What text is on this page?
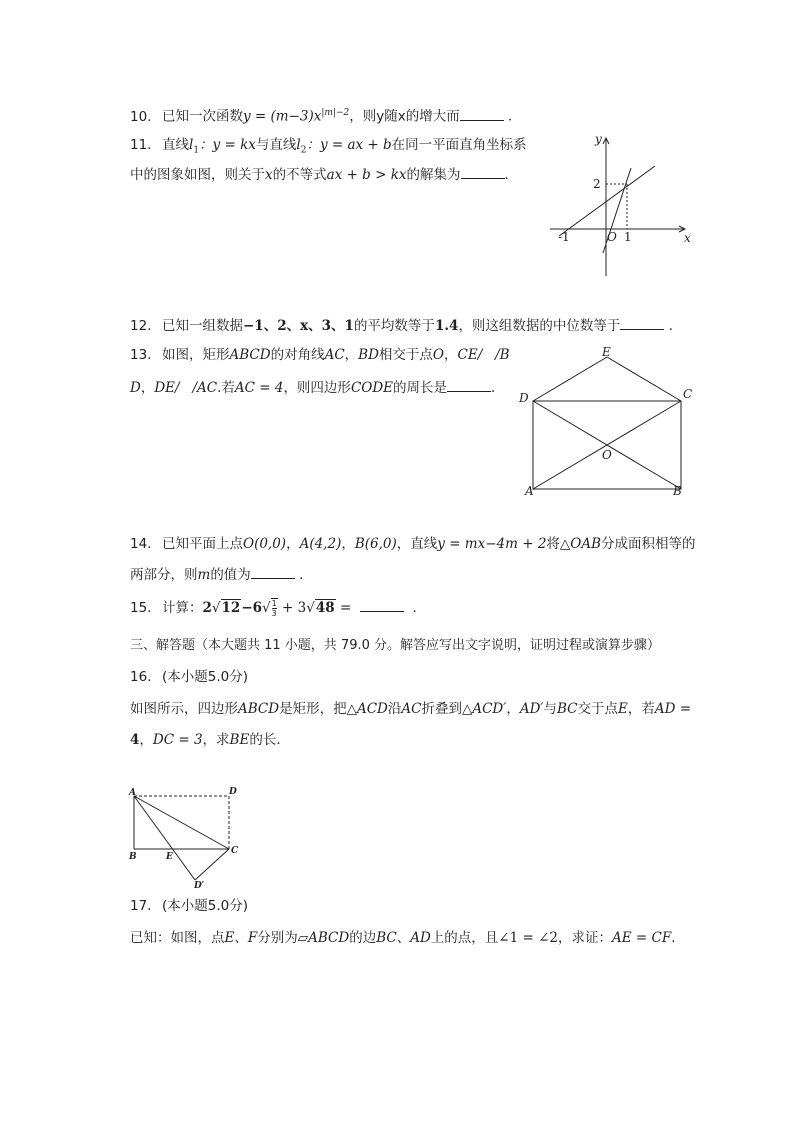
10. 已知一次函数$y = (m-3)x^{|m|-2}$，则y随x的增大而	．
11. 直线$l_1$：y = kx与直线$l_2$：y = ax + b在同一平面直角坐标系
中的图象如图，则关于x的不等式ax + b > kx的解集为	．
y
x
-1	O 1
2
12. 已知一组数据−1、2、x、3、1的平均数等于1.4，则这组数据的中位数等于	．
13. 如图，矩形ABCD的对角线AC，BD相交于点O，CE/   /B
D，DE/   /AC.若AC = 4，则四边形CODE的周长是	．
E
D	C
O
A	B
14. 已知平面上点O(0,0)，A(4,2)，B(6,0)，直线y = mx−4m + 2将△OAB分成面积相等的
两部分，则m的值为	．
15. 计算：$2√12-6√ \frac{1}{3} + 3√48$ =	．
三、解答题（本大题共 11 小题，共 79.0 分。解答应写出文字说明，证明过程或演算步骤）
16. (本小题5.0分)
如图所示，四边形ABCD是矩形，把△ACD沿AC折叠到△ACD′，AD′与BC交于点E，若AD =
4，DC = 3，求BE的长．
A	D
B	E
C
D′
17. (本小题5.0分)
已知：如图，点E、F分别为▱ABCD的边BC、AD上的点，且∠1 = ∠2，求证：AE = CF.
